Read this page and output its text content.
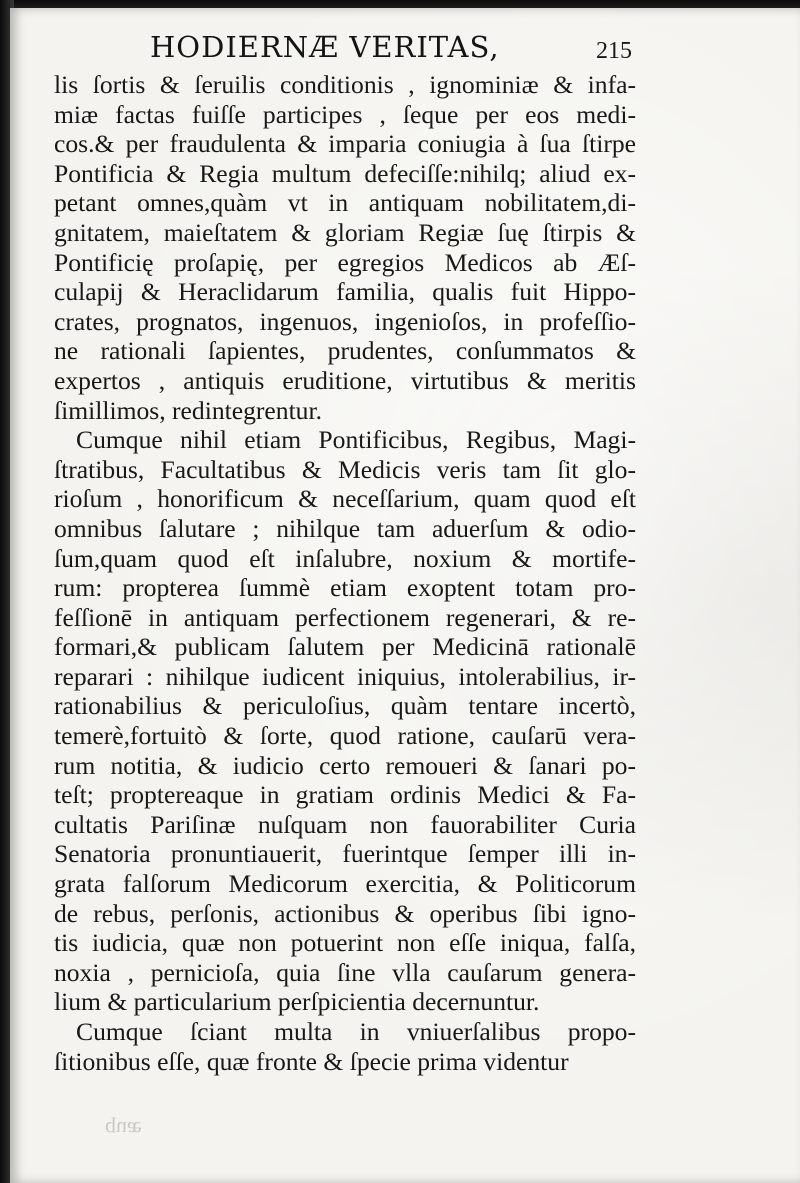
HODIERNÆ VERITAS,	215
lis ſortis & ſeruilis conditionis , ignominiæ & infa-
miæ factas fuiſſe participes , ſeque per eos medi-
cos.& per fraudulenta & imparia coniugia à ſua ſtirpe
Pontificia & Regia multum defeciſſe:nihilq; aliud ex-
petant omnes,quàm vt in antiquam nobilitatem,di-
gnitatem, maieſtatem & gloriam Regiæ ſuę ſtirpis &
Pontificię proſapię, per egregios Medicos ab Æſ-
culapij & Heraclidarum familia, qualis fuit Hippo-
crates, prognatos, ingenuos, ingenioſos, in profeſſio-
ne rationali ſapientes, prudentes, conſummatos &
expertos , antiquis eruditione, virtutibus & meritis
ſimillimos, redintegrentur.
Cumque nihil etiam Pontificibus, Regibus, Magi-
ſtratibus, Facultatibus & Medicis veris tam ſit glo-
rioſum , honorificum & neceſſarium, quam quod eſt
omnibus ſalutare ; nihilque tam aduerſum & odio-
ſum,quam quod eſt inſalubre, noxium & mortife-
rum: propterea ſummè etiam exoptent totam pro-
feſſionē in antiquam perfectionem regenerari, & re-
formari,& publicam ſalutem per Medicinā rationalē
reparari : nihilque iudicent iniquius, intolerabilius, ir-
rationabilius & periculoſius, quàm tentare incertò,
temerè,fortuitò & ſorte, quod ratione, cauſarū vera-
rum notitia, & iudicio certo remoueri & ſanari po-
teſt; proptereaque in gratiam ordinis Medici & Fa-
cultatis Pariſinæ nuſquam non fauorabiliter Curia
Senatoria pronuntiauerit, fuerintque ſemper illi in-
grata falſorum Medicorum exercitia, & Politicorum
de rebus, perſonis, actionibus & operibus ſibi igno-
tis iudicia, quæ non potuerint non eſſe iniqua, falſa,
noxia , pernicioſa, quia ſine vlla cauſarum genera-
lium & particularium perſpicientia decernuntur.
Cumque ſciant multa in vniuerſalibus propo-
ſitionibus eſſe, quæ fronte & ſpecie prima videntur
quæ
